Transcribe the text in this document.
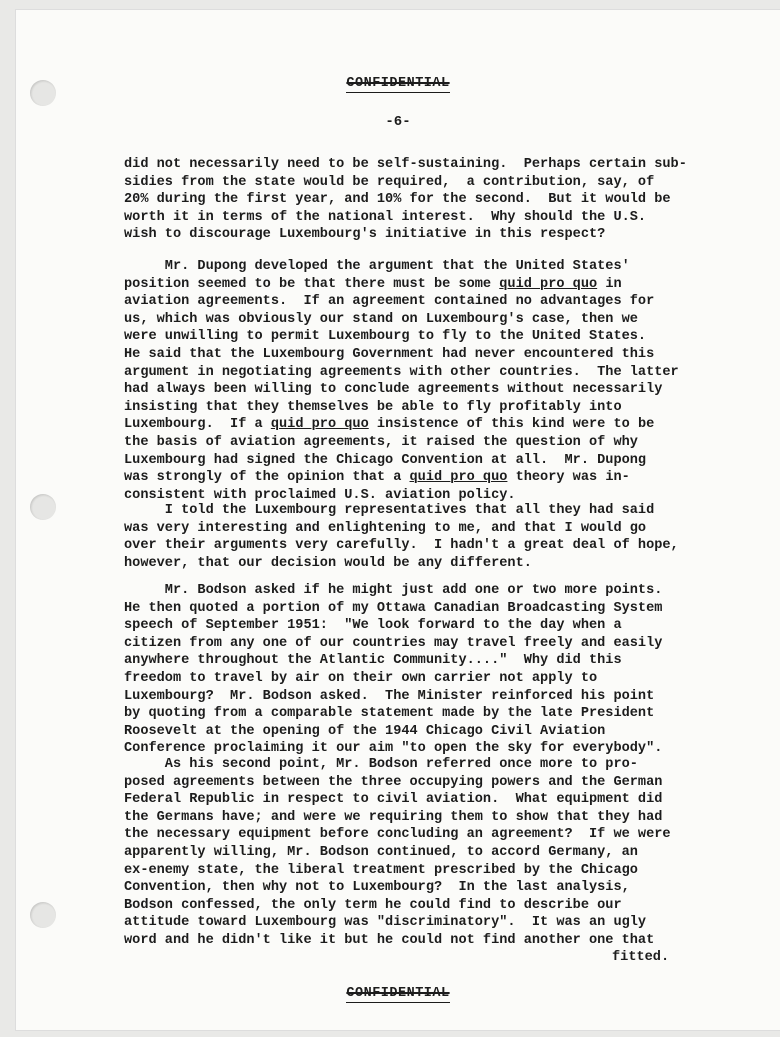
CONFIDENTIAL
-6-
did not necessarily need to be self-sustaining.  Perhaps certain sub-
sidies from the state would be required,  a contribution, say, of
20% during the first year, and 10% for the second.  But it would be
worth it in terms of the national interest.  Why should the U.S.
wish to discourage Luxembourg's initiative in this respect?
Mr. Dupong developed the argument that the United States'
position seemed to be that there must be some quid pro quo in
aviation agreements.  If an agreement contained no advantages for
us, which was obviously our stand on Luxembourg's case, then we
were unwilling to permit Luxembourg to fly to the United States.
He said that the Luxembourg Government had never encountered this
argument in negotiating agreements with other countries.  The latter
had always been willing to conclude agreements without necessarily
insisting that they themselves be able to fly profitably into
Luxembourg.  If a quid pro quo insistence of this kind were to be
the basis of aviation agreements, it raised the question of why
Luxembourg had signed the Chicago Convention at all.  Mr. Dupong
was strongly of the opinion that a quid pro quo theory was in-
consistent with proclaimed U.S. aviation policy.
I told the Luxembourg representatives that all they had said
was very interesting and enlightening to me, and that I would go
over their arguments very carefully.  I hadn't a great deal of hope,
however, that our decision would be any different.
Mr. Bodson asked if he might just add one or two more points.
He then quoted a portion of my Ottawa Canadian Broadcasting System
speech of September 1951:  "We look forward to the day when a
citizen from any one of our countries may travel freely and easily
anywhere throughout the Atlantic Community...."  Why did this
freedom to travel by air on their own carrier not apply to
Luxembourg?  Mr. Bodson asked.  The Minister reinforced his point
by quoting from a comparable statement made by the late President
Roosevelt at the opening of the 1944 Chicago Civil Aviation
Conference proclaiming it our aim "to open the sky for everybody".
As his second point, Mr. Bodson referred once more to pro-
posed agreements between the three occupying powers and the German
Federal Republic in respect to civil aviation.  What equipment did
the Germans have; and were we requiring them to show that they had
the necessary equipment before concluding an agreement?  If we were
apparently willing, Mr. Bodson continued, to accord Germany, an
ex-enemy state, the liberal treatment prescribed by the Chicago
Convention, then why not to Luxembourg?  In the last analysis,
Bodson confessed, the only term he could find to describe our
attitude toward Luxembourg was "discriminatory".  It was an ugly
word and he didn't like it but he could not find another one that
fitted.
CONFIDENTIAL
